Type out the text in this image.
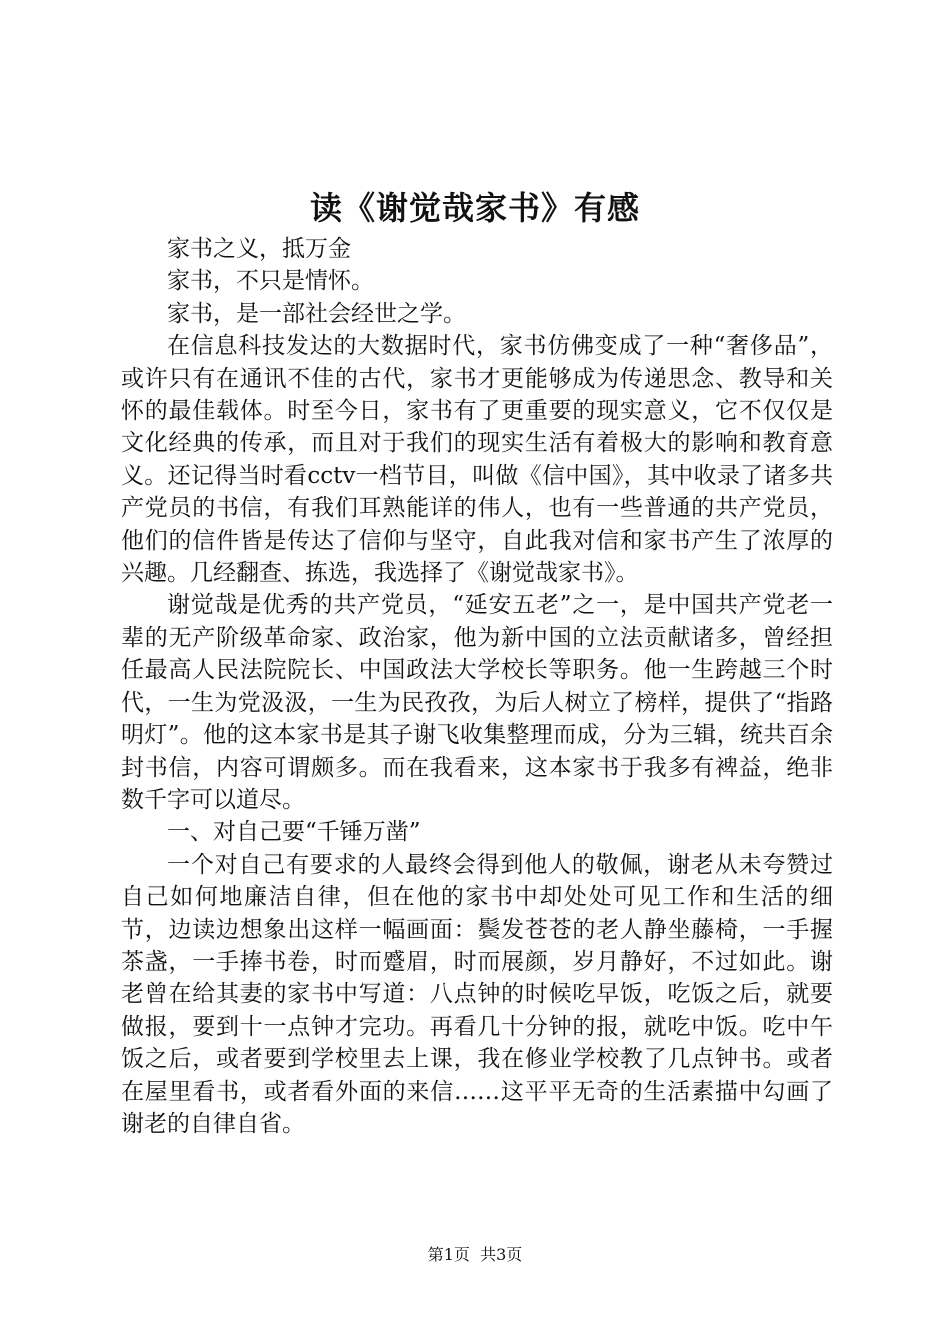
读《谢觉哉家书》有感

家书之义，抵万金

家书，不只是情怀。

家书，是一部社会经世之学。

在信息科技发达的大数据时代，家书仿佛变成了一种“奢侈品”，或许只有在通讯不佳的古代，家书才更能够成为传递思念、教导和关怀的最佳载体。时至今日，家书有了更重要的现实意义，它不仅仅是文化经典的传承，而且对于我们的现实生活有着极大的影响和教育意义。还记得当时看cctv一档节目，叫做《信中国》，其中收录了诸多共产党员的书信，有我们耳熟能详的伟人，也有一些普通的共产党员，他们的信件皆是传达了信仰与坚守，自此我对信和家书产生了浓厚的兴趣。几经翻查、拣选，我选择了《谢觉哉家书》。

谢觉哉是优秀的共产党员，“延安五老”之一，是中国共产党老一辈的无产阶级革命家、政治家，他为新中国的立法贡献诸多，曾经担任最高人民法院院长、中国政法大学校长等职务。他一生跨越三个时代，一生为党汲汲，一生为民孜孜，为后人树立了榜样，提供了“指路明灯”。他的这本家书是其子谢飞收集整理而成，分为三辑，统共百余封书信，内容可谓颇多。而在我看来，这本家书于我多有裨益，绝非数千字可以道尽。

一、对自己要“千锤万凿”

一个对自己有要求的人最终会得到他人的敬佩，谢老从未夸赞过自己如何地廉洁自律，但在他的家书中却处处可见工作和生活的细节，边读边想象出这样一幅画面：鬓发苍苍的老人静坐藤椅，一手握茶盏，一手捧书卷，时而蹙眉，时而展颜，岁月静好，不过如此。谢老曾在给其妻的家书中写道：八点钟的时候吃早饭，吃饭之后，就要做报，要到十一点钟才完功。再看几十分钟的报，就吃中饭。吃中午饭之后，或者要到学校里去上课，我在修业学校教了几点钟书。或者在屋里看书，或者看外面的来信……这平平无奇的生活素描中勾画了谢老的自律自省。

第1页 共3页
